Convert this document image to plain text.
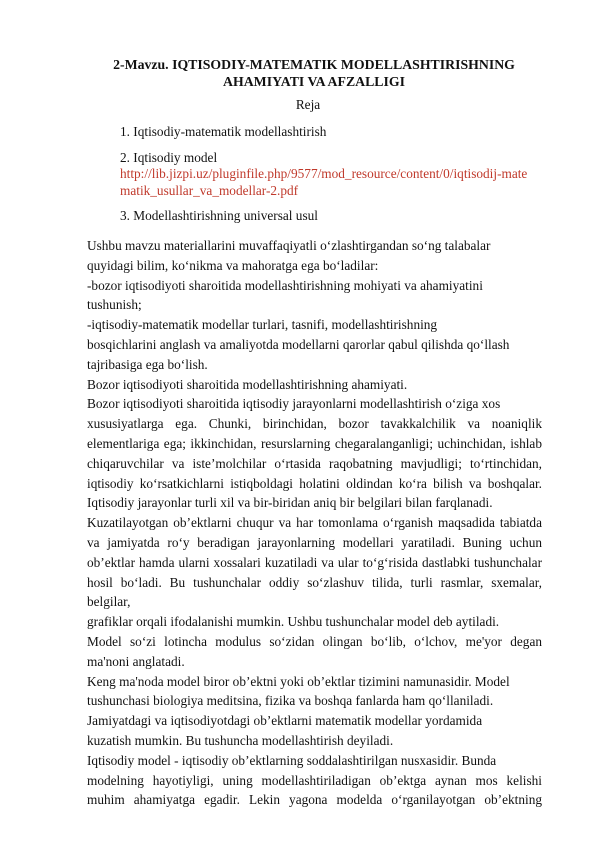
2-Mavzu. IQTISODIY-MATEMATIK MODELLASHTIRISHNING
AHAMIYATI VA AFZALLIGI
Reja
1. Iqtisodiy-matematik modellashtirish
2. Iqtisodiy model
http://lib.jizpi.uz/pluginfile.php/9577/mod_resource/content/0/iqtisodij-matematik_usullar_va_modellar-2.pdf
3. Modellashtirishning universal usul

Ushbu mavzu materiallarini muvaffaqiyatli o‘zlashtirgandan so‘ng talabalar

quyidagi bilim, ko‘nikma va mahoratga ega bo‘ladilar:

-bozor iqtisodiyoti sharoitida modellashtirishning mohiyati va ahamiyatini

tushunish;

-iqtisodiy-matematik modellar turlari, tasnifi, modellashtirishning

bosqichlarini anglash va amaliyotda modellarni qarorlar qabul qilishda qo‘llash

tajribasiga ega bo‘lish.

Bozor iqtisodiyoti sharoitida modellashtirishning ahamiyati.

Bozor iqtisodiyoti sharoitida iqtisodiy jarayonlarni modellashtirish o‘ziga xos

xususiyatlarga ega. Chunki, birinchidan, bozor tavakkalchilik va noaniqlik

elementlariga ega; ikkinchidan, resurslarning chegaralanganligi; uchinchidan, ishlab

chiqaruvchilar va iste’molchilar o‘rtasida raqobatning mavjudligi; to‘rtinchidan,

iqtisodiy ko‘rsatkichlarni istiqboldagi holatini oldindan ko‘ra bilish va boshqalar.

Iqtisodiy jarayonlar turli xil va bir-biridan aniq bir belgilari bilan farqlanadi.

Kuzatilayotgan ob’ektlarni chuqur va har tomonlama o‘rganish maqsadida tabiatda

va jamiyatda ro‘y beradigan jarayonlarning modellari yaratiladi. Buning uchun

ob’ektlar hamda ularni xossalari kuzatiladi va ular to‘g‘risida dastlabki tushunchalar

hosil bo‘ladi. Bu tushunchalar oddiy so‘zlashuv tilida, turli rasmlar, sxemalar,

belgilar,

grafiklar orqali ifodalanishi mumkin. Ushbu tushunchalar model deb aytiladi.

Model so‘zi lotincha modulus so‘zidan olingan bo‘lib, o‘lchov, me'yor degan

ma'noni anglatadi.

Keng ma'noda model biror ob’ektni yoki ob’ektlar tizimini namunasidir. Model

tushunchasi biologiya meditsina, fizika va boshqa fanlarda ham qo‘llaniladi.

Jamiyatdagi va iqtisodiyotdagi ob’ektlarni matematik modellar yordamida

kuzatish mumkin. Bu tushuncha modellashtirish deyiladi.

Iqtisodiy model - iqtisodiy ob’ektlarning soddalashtirilgan nusxasidir. Bunda

modelning hayotiyligi, uning modellashtiriladigan ob’ektga aynan mos kelishi

muhim ahamiyatga egadir. Lekin yagona modelda o‘rganilayotgan ob’ektning
